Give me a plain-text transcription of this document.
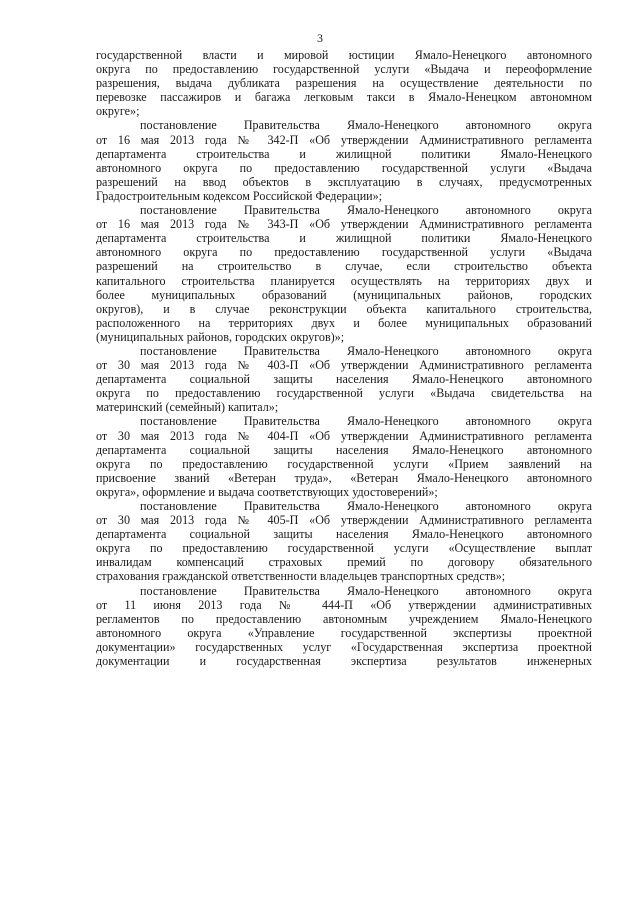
3
государственной власти и мировой юстиции Ямало-Ненецкого автономного
округа по предоставлению государственной услуги «Выдача и переоформление
разрешения, выдача дубликата разрешения на осуществление деятельности по
перевозке пассажиров и багажа легковым такси в Ямало-Ненецком автономном
округе»;
постановление Правительства Ямало-Ненецкого автономного округа
от 16 мая 2013 года № 342-П «Об утверждении Административного регламента
департамента строительства и жилищной политики Ямало-Ненецкого
автономного округа по предоставлению государственной услуги «Выдача
разрешений на ввод объектов в эксплуатацию в случаях, предусмотренных
Градостроительным кодексом Российской Федерации»;
постановление Правительства Ямало-Ненецкого автономного округа
от 16 мая 2013 года № 343-П «Об утверждении Административного регламента
департамента строительства и жилищной политики Ямало-Ненецкого
автономного округа по предоставлению государственной услуги «Выдача
разрешений на строительство в случае, если строительство объекта
капитального строительства планируется осуществлять на территориях двух и
более муниципальных образований (муниципальных районов, городских
округов), и в случае реконструкции объекта капитального строительства,
расположенного на территориях двух и более муниципальных образований
(муниципальных районов, городских округов)»;
постановление Правительства Ямало-Ненецкого автономного округа
от 30 мая 2013 года № 403-П «Об утверждении Административного регламента
департамента социальной защиты населения Ямало-Ненецкого автономного
округа по предоставлению государственной услуги «Выдача свидетельства на
материнский (семейный) капитал»;
постановление Правительства Ямало-Ненецкого автономного округа
от 30 мая 2013 года № 404-П «Об утверждении Административного регламента
департамента социальной защиты населения Ямало-Ненецкого автономного
округа по предоставлению государственной услуги «Прием заявлений на
присвоение званий «Ветеран труда», «Ветеран Ямало-Ненецкого автономного
округа», оформление и выдача соответствующих удостоверений»;
постановление Правительства Ямало-Ненецкого автономного округа
от 30 мая 2013 года № 405-П «Об утверждении Административного регламента
департамента социальной защиты населения Ямало-Ненецкого автономного
округа по предоставлению государственной услуги «Осуществление выплат
инвалидам компенсаций страховых премий по договору обязательного
страхования гражданской ответственности владельцев транспортных средств»;
постановление Правительства Ямало-Ненецкого автономного округа
от 11 июня 2013 года № 444-П «Об утверждении административных
регламентов по предоставлению автономным учреждением Ямало-Ненецкого
автономного округа «Управление государственной экспертизы проектной
документации» государственных услуг «Государственная экспертиза проектной
документации и государственная экспертиза результатов инженерных
